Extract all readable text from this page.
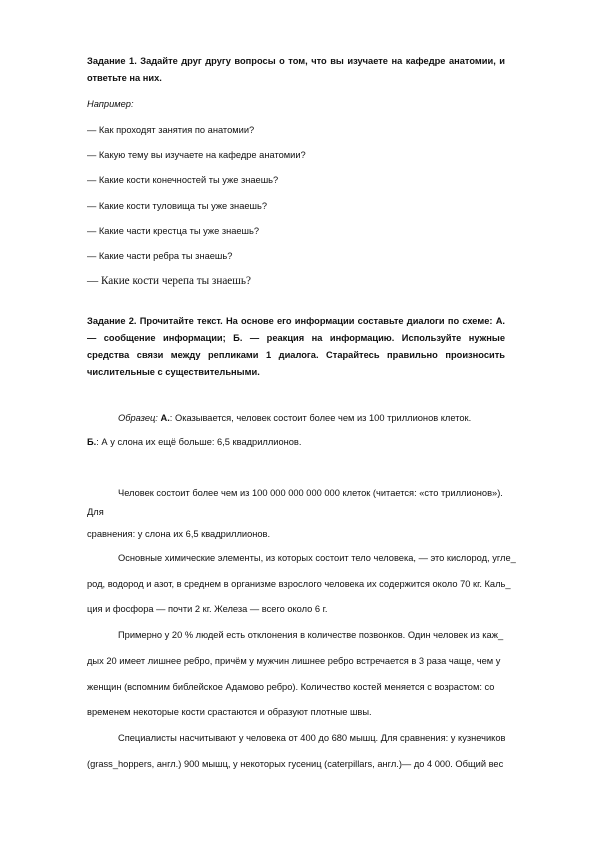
Задание 1. Задайте друг другу вопросы о том, что вы изучаете на кафедре анатомии, и ответьте на них.
Например:
— Как проходят занятия по анатомии?
— Какую тему вы изучаете на кафедре анатомии?
— Какие кости конечностей ты уже знаешь?
— Какие кости туловища ты уже знаешь?
— Какие части крестца ты уже знаешь?
— Какие части ребра ты знаешь?
— Какие кости черепа ты знаешь?
Задание 2. Прочитайте текст. На основе его информации составьте диалоги по схеме: А. — сообщение информации; Б. — реакция на информацию. Используйте нужные средства связи между репликами 1 диалога. Старайтесь правильно произносить числительные с существительными.
Образец: А.: Оказывается, человек состоит более чем из 100 триллионов клеток.
Б.: А у слона их ещё больше: 6,5 квадриллионов.
Человек состоит более чем из 100 000 000 000 000 клеток (читается: «сто триллионов»).
Для
сравнения: у слона их 6,5 квадриллионов.
Основные химические элементы, из которых состоит тело человека, — это кислород, угле_
род, водород и азот, в среднем в организме взрослого человека их содержится около 70 кг. Каль_
ция и фосфора — почти 2 кг. Железа — всего около 6 г.
Примерно у 20 % людей есть отклонения в количестве позвонков. Один человек из каж_
дых 20 имеет лишнее ребро, причём у мужчин лишнее ребро встречается в 3 раза чаще, чем у
женщин (вспомним библейское Адамово ребро). Количество костей меняется с возрастом: со
временем некоторые кости срастаются и образуют плотные швы.
Специалисты насчитывают у человека от 400 до 680 мышц. Для сравнения: у кузнечиков
(grass_hoppers, англ.) 900 мышц, у некоторых гусениц (caterpillars, англ.)— до 4 000. Общий вес
